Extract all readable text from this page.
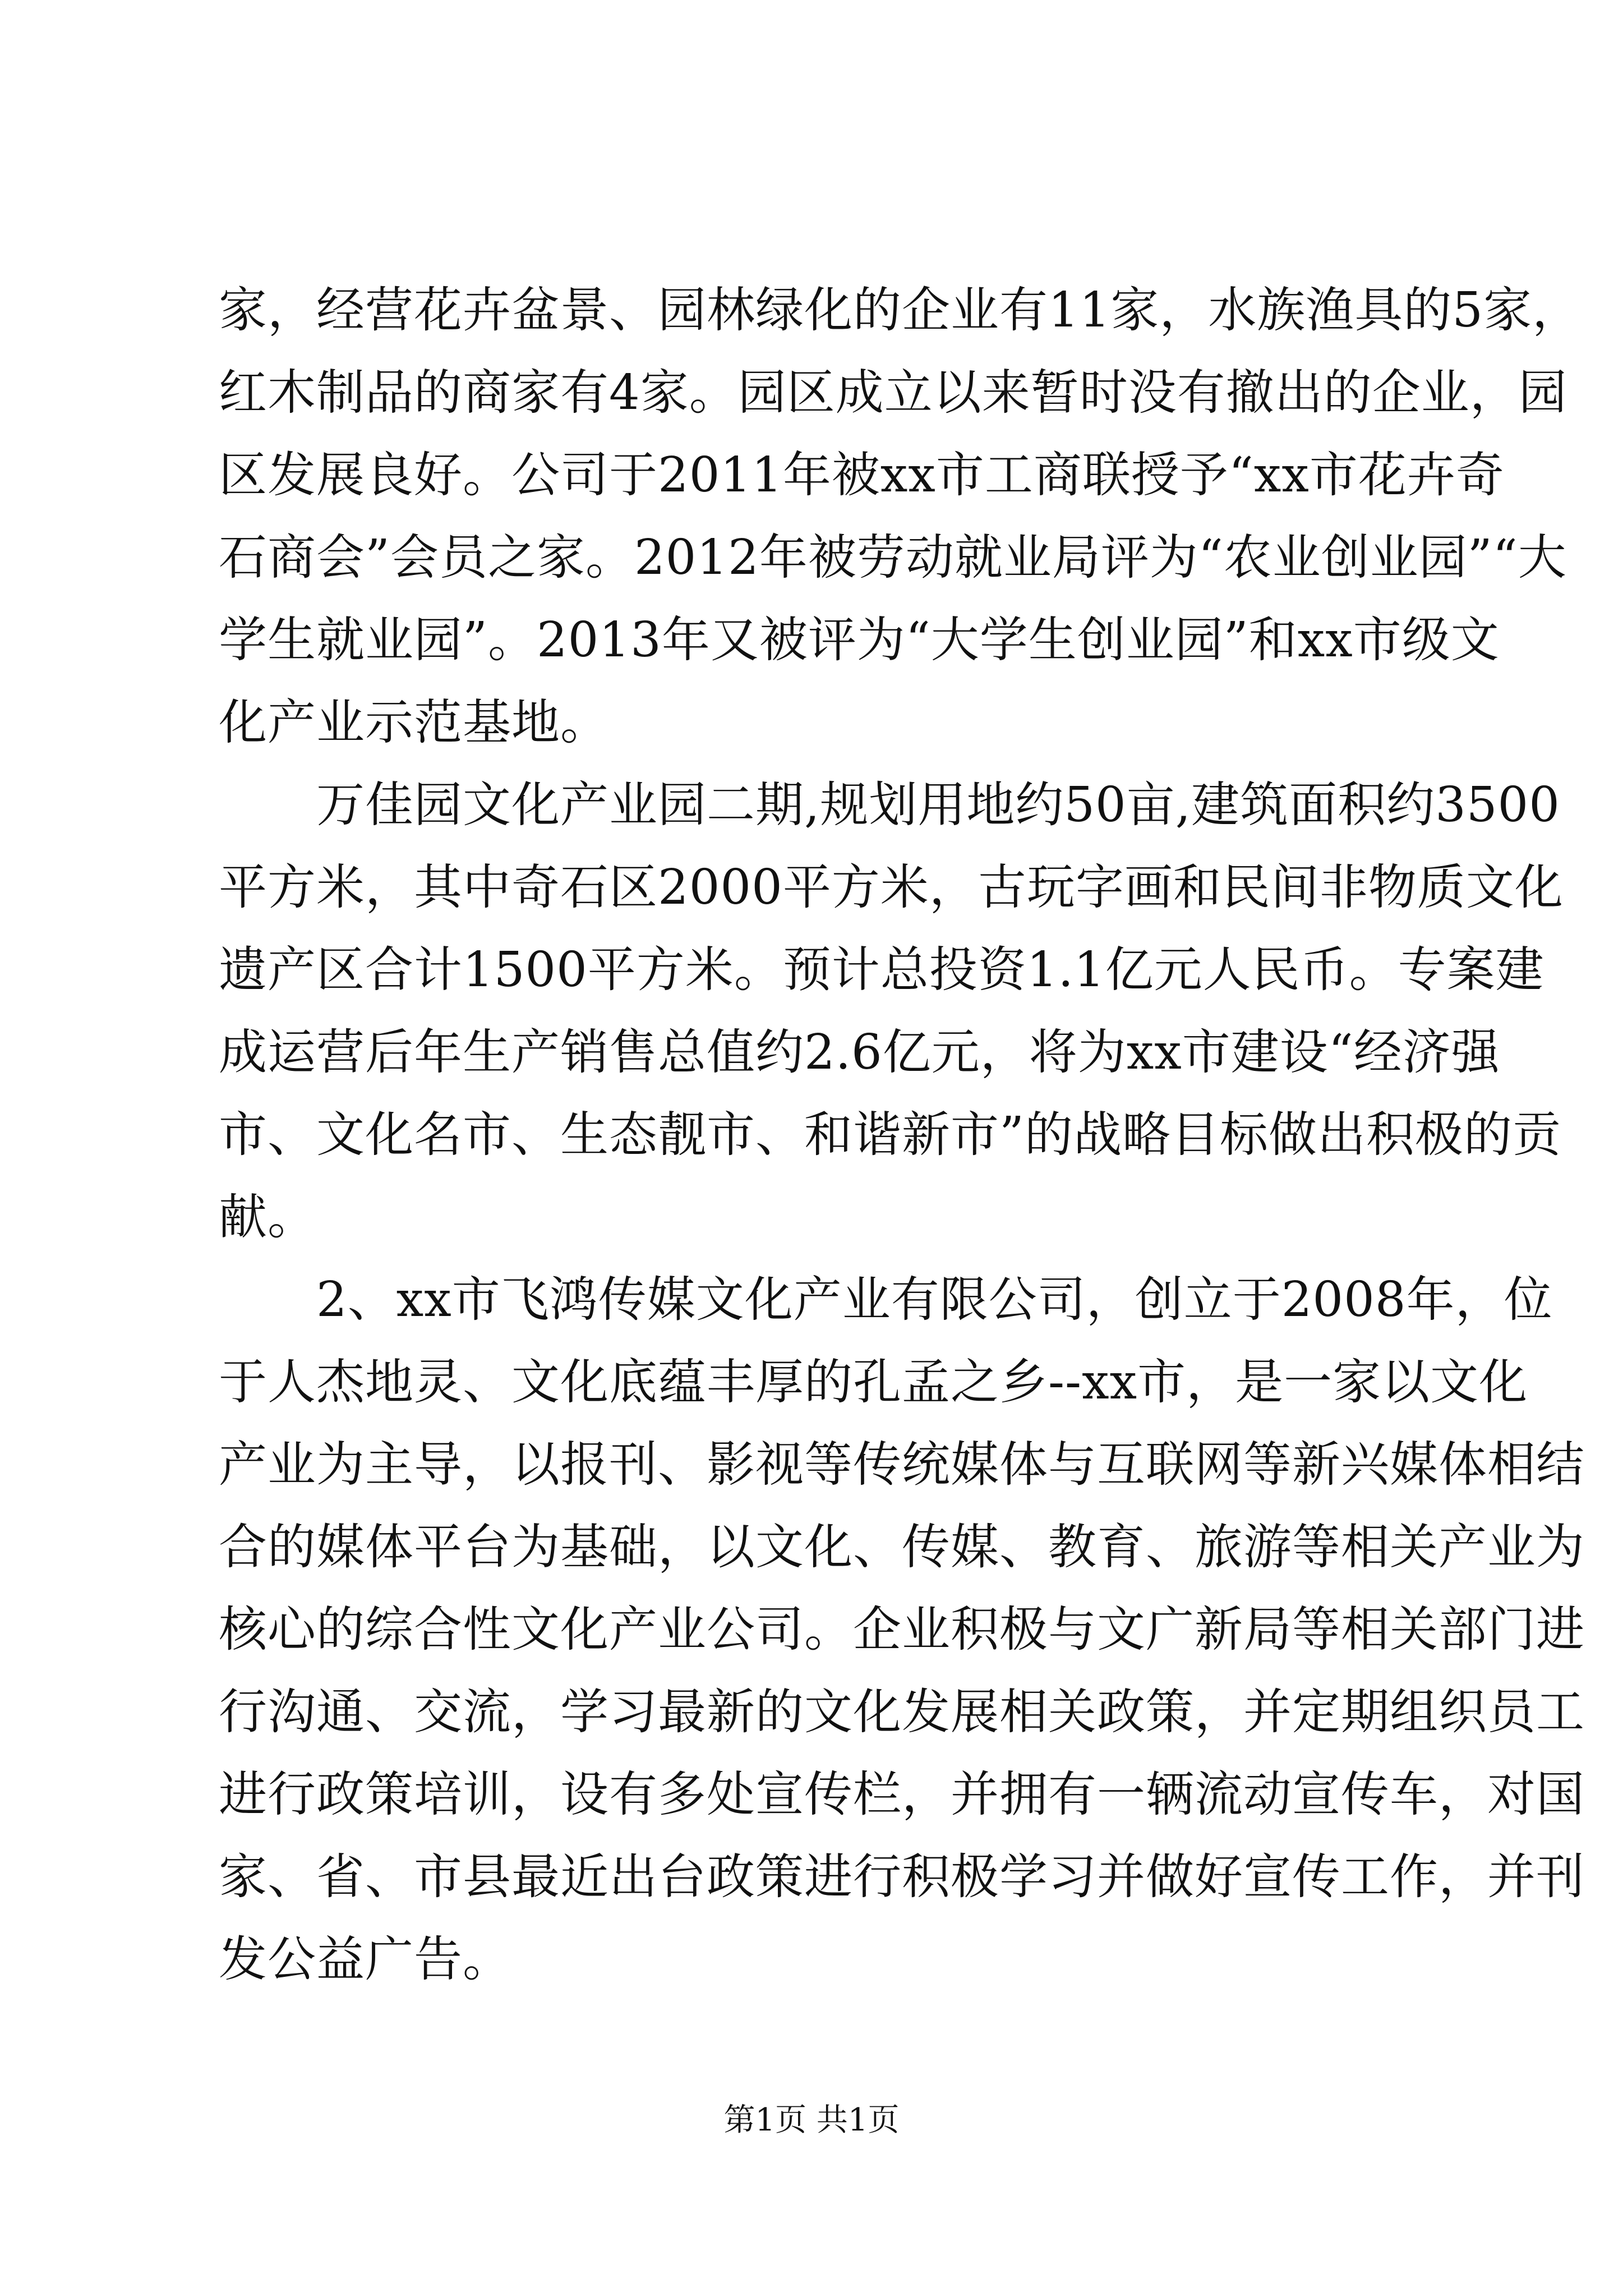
家，经营花卉盆景、园林绿化的企业有11家，水族渔具的5家，
红木制品的商家有4家。园区成立以来暂时没有撤出的企业，园
区发展良好。公司于2011年被xx市工商联授予“xx市花卉奇
石商会”会员之家。2012年被劳动就业局评为“农业创业园”“大
学生就业园”。2013年又被评为“大学生创业园”和xx市级文
化产业示范基地。
　　万佳园文化产业园二期,规划用地约50亩,建筑面积约3500
平方米，其中奇石区2000平方米，古玩字画和民间非物质文化
遗产区合计1500平方米。预计总投资1.1亿元人民币。专案建
成运营后年生产销售总值约2.6亿元，将为xx市建设“经济强
市、文化名市、生态靓市、和谐新市”的战略目标做出积极的贡
献。
　　2、xx市飞鸿传媒文化产业有限公司，创立于2008年，位
于人杰地灵、文化底蕴丰厚的孔孟之乡--xx市，是一家以文化
产业为主导，以报刊、影视等传统媒体与互联网等新兴媒体相结
合的媒体平台为基础，以文化、传媒、教育、旅游等相关产业为
核心的综合性文化产业公司。企业积极与文广新局等相关部门进
行沟通、交流，学习最新的文化发展相关政策，并定期组织员工
进行政策培训，设有多处宣传栏，并拥有一辆流动宣传车，对国
家、省、市县最近出台政策进行积极学习并做好宣传工作，并刊
发公益广告。
第1页 共1页
